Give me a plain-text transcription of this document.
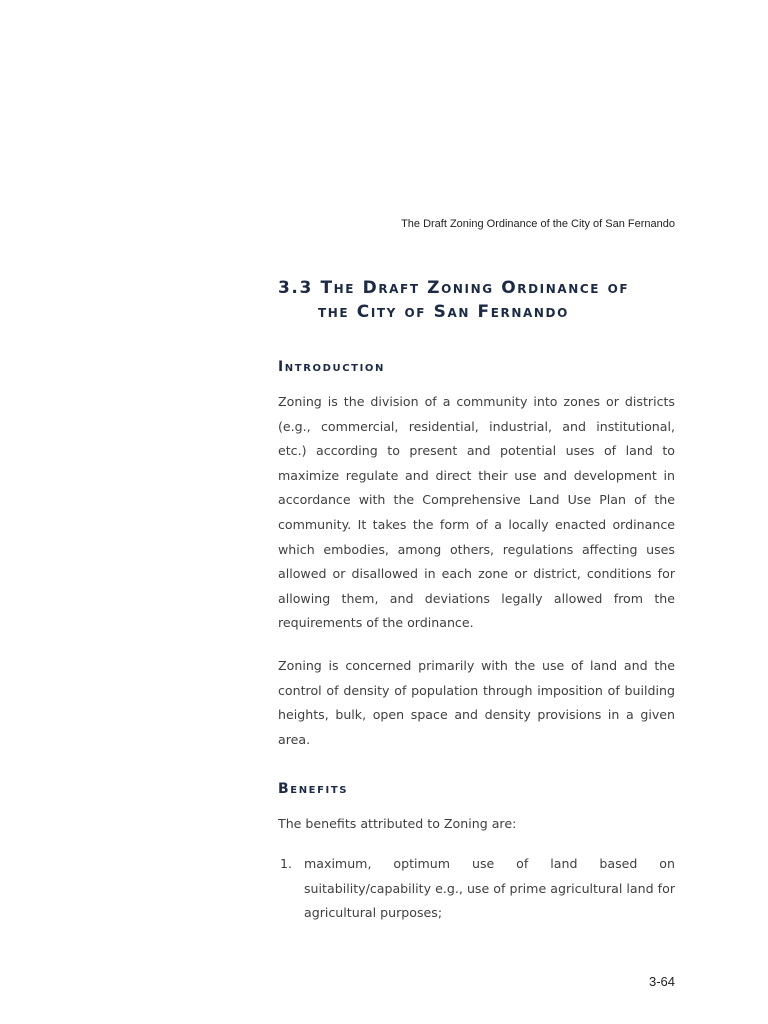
The Draft Zoning Ordinance of the City of San Fernando
3.3 The Draft Zoning Ordinance of
the City of San Fernando
Introduction

Zoning is the division of a community into zones or districts (e.g., commercial, residential, industrial, and institutional, etc.) according to present and potential uses of land to maximize regulate and direct their use and development in accordance with the Comprehensive Land Use Plan of the community. It takes the form of a locally enacted ordinance which embodies, among others, regulations affecting uses allowed or disallowed in each zone or district, conditions for allowing them, and deviations legally allowed from the requirements of the ordinance.

Zoning is concerned primarily with the use of land and the control of density of population through imposition of building heights, bulk, open space and density provisions in a given area.

Benefits

The benefits attributed to Zoning are:

1. maximum, optimum use of land based on suitability/capability e.g., use of prime agricultural land for agricultural purposes;
3-64
